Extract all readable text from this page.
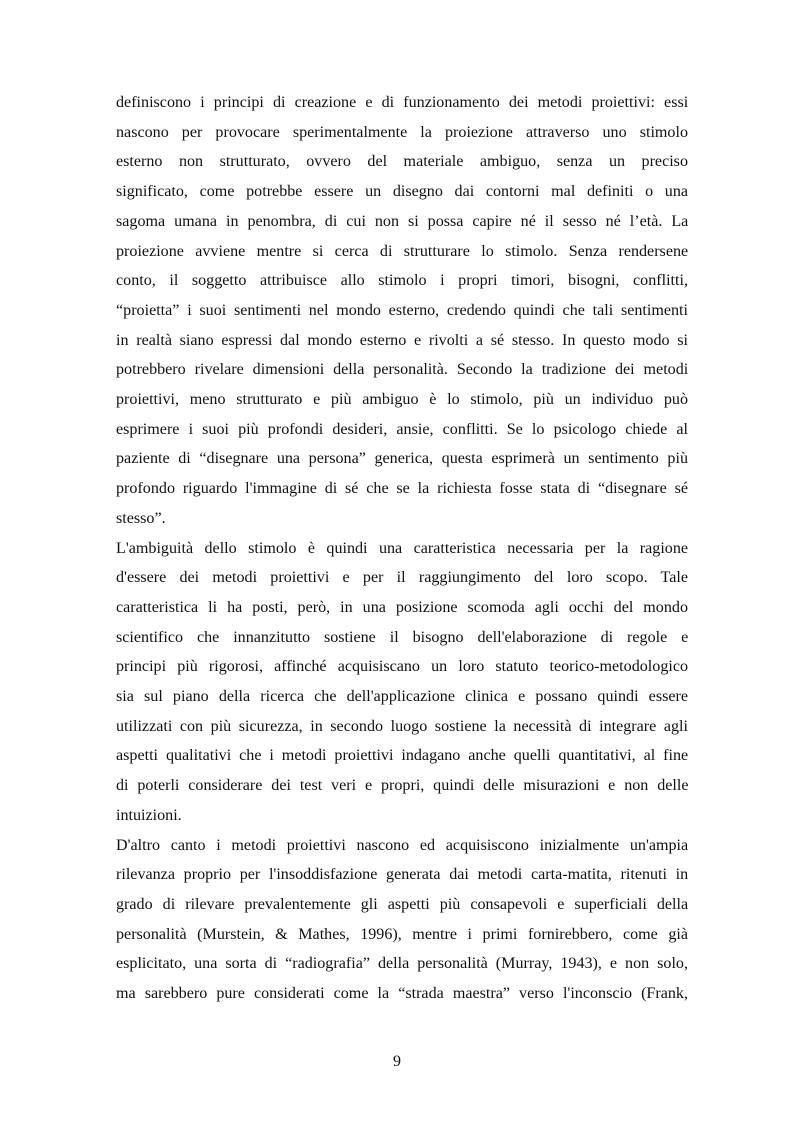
definiscono i principi di creazione e di funzionamento dei metodi proiettivi: essi
nascono per provocare sperimentalmente la proiezione attraverso uno stimolo
esterno non strutturato, ovvero del materiale ambiguo, senza un preciso
significato, come potrebbe essere un disegno dai contorni mal definiti o una
sagoma umana in penombra, di cui non si possa capire né il sesso né l’età. La
proiezione avviene mentre si cerca di strutturare lo stimolo. Senza rendersene
conto, il soggetto attribuisce allo stimolo i propri timori, bisogni, conflitti,
“proietta” i suoi sentimenti nel mondo esterno, credendo quindi che tali sentimenti
in realtà siano espressi dal mondo esterno e rivolti a sé stesso. In questo modo si
potrebbero rivelare dimensioni della personalità. Secondo la tradizione dei metodi
proiettivi, meno strutturato e più ambiguo è lo stimolo, più un individuo può
esprimere i suoi più profondi desideri, ansie, conflitti. Se lo psicologo chiede al
paziente di “disegnare una persona” generica, questa esprimerà un sentimento più
profondo riguardo l'immagine di sé che se la richiesta fosse stata di “disegnare sé
stesso”.

L'ambiguità dello stimolo è quindi una caratteristica necessaria per la ragione
d'essere dei metodi proiettivi e per il raggiungimento del loro scopo. Tale
caratteristica li ha posti, però, in una posizione scomoda agli occhi del mondo
scientifico che innanzitutto sostiene il bisogno dell'elaborazione di regole e
principi più rigorosi, affinché acquisiscano un loro statuto teorico-metodologico
sia sul piano della ricerca che dell'applicazione clinica e possano quindi essere
utilizzati con più sicurezza, in secondo luogo sostiene la necessità di integrare agli
aspetti qualitativi che i metodi proiettivi indagano anche quelli quantitativi, al fine
di poterli considerare dei test veri e propri, quindi delle misurazioni e non delle
intuizioni.

D'altro canto i metodi proiettivi nascono ed acquisiscono inizialmente un'ampia
rilevanza proprio per l'insoddisfazione generata dai metodi carta-matita, ritenuti in
grado di rilevare prevalentemente gli aspetti più consapevoli e superficiali della
personalità (Murstein, & Mathes, 1996), mentre i primi fornirebbero, come già
esplicitato, una sorta di “radiografia” della personalità (Murray, 1943), e non solo,
ma sarebbero pure considerati come la “strada maestra” verso l'inconscio (Frank,

9
